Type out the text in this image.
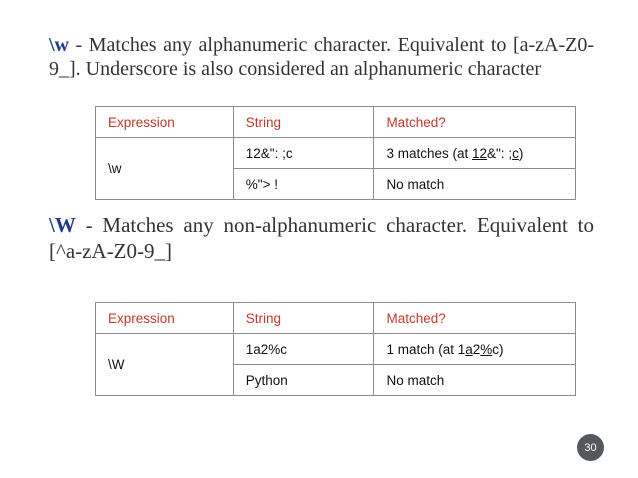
\w - Matches any alphanumeric character. Equivalent to [a-zA-Z0-9_]. Underscore is also considered an alphanumeric character

Expression	String	Matched?
\w	12&": ;c	3 matches (at 12&": ;c)
	%"> !	No match

\W - Matches any non-alphanumeric character. Equivalent to [^a-zA-Z0-9_]

Expression	String	Matched?
\W	1a2%c	1 match (at 1a2%c)
	Python	No match
30
